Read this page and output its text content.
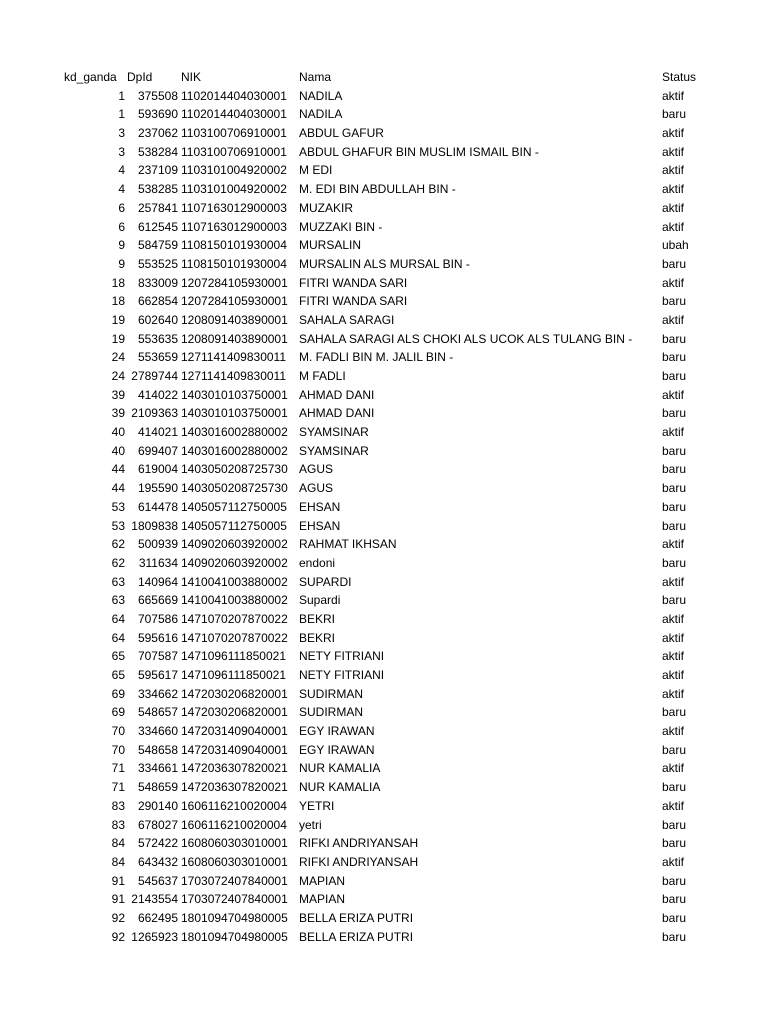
kd_ganda DpId NIK	Nama	Status
1 375508 1102014404030001 NADILA	aktif
1 593690 1102014404030001 NADILA	baru
3 237062 1103100706910001 ABDUL GAFUR	aktif
3 538284 1103100706910001 ABDUL GHAFUR BIN MUSLIM ISMAIL BIN -	aktif
4 237109 1103101004920002 M EDI	aktif
4 538285 1103101004920002 M. EDI BIN ABDULLAH BIN -	aktif
6 257841 1107163012900003 MUZAKIR	aktif
6 612545 1107163012900003 MUZZAKI BIN -	aktif
9 584759 1108150101930004 MURSALIN	ubah
9 553525 1108150101930004 MURSALIN ALS MURSAL BIN -	baru
18 833009 1207284105930001 FITRI WANDA SARI	aktif
18 662854 1207284105930001 FITRI WANDA SARI	baru
19 602640 1208091403890001 SAHALA SARAGI	aktif
19 553635 1208091403890001 SAHALA SARAGI ALS CHOKI ALS UCOK ALS TULANG BIN - baru
24 553659 1271141409830011 M. FADLI BIN M. JALIL BIN -	baru
24 2789744 1271141409830011 M FADLI	baru
39 414022 1403010103750001 AHMAD DANI	aktif
39 2109363 1403010103750001 AHMAD DANI	baru
40 414021 1403016002880002 SYAMSINAR	aktif
40 699407 1403016002880002 SYAMSINAR	baru
44 619004 1403050208725730 AGUS	baru
44 195590 1403050208725730 AGUS	baru
53 614478 1405057112750005 EHSAN	baru
53 1809838 1405057112750005 EHSAN	baru
62 500939 1409020603920002 RAHMAT IKHSAN	aktif
62 311634 1409020603920002 endoni	baru
63 140964 1410041003880002 SUPARDI	aktif
63 665669 1410041003880002 Supardi	baru
64 707586 1471070207870022 BEKRI	aktif
64 595616 1471070207870022 BEKRI	aktif
65 707587 1471096111850021 NETY FITRIANI	aktif
65 595617 1471096111850021 NETY FITRIANI	aktif
69 334662 1472030206820001 SUDIRMAN	aktif
69 548657 1472030206820001 SUDIRMAN	baru
70 334660 1472031409040001 EGY IRAWAN	aktif
70 548658 1472031409040001 EGY IRAWAN	baru
71 334661 1472036307820021 NUR KAMALIA	aktif
71 548659 1472036307820021 NUR KAMALIA	baru
83 290140 1606116210020004 YETRI	aktif
83 678027 1606116210020004 yetri	baru
84 572422 1608060303010001 RIFKI ANDRIYANSAH	baru
84 643432 1608060303010001 RIFKI ANDRIYANSAH	aktif
91 545637 1703072407840001 MAPIAN	baru
91 2143554 1703072407840001 MAPIAN	baru
92 662495 1801094704980005 BELLA ERIZA PUTRI	baru
92 1265923 1801094704980005 BELLA ERIZA PUTRI	baru
